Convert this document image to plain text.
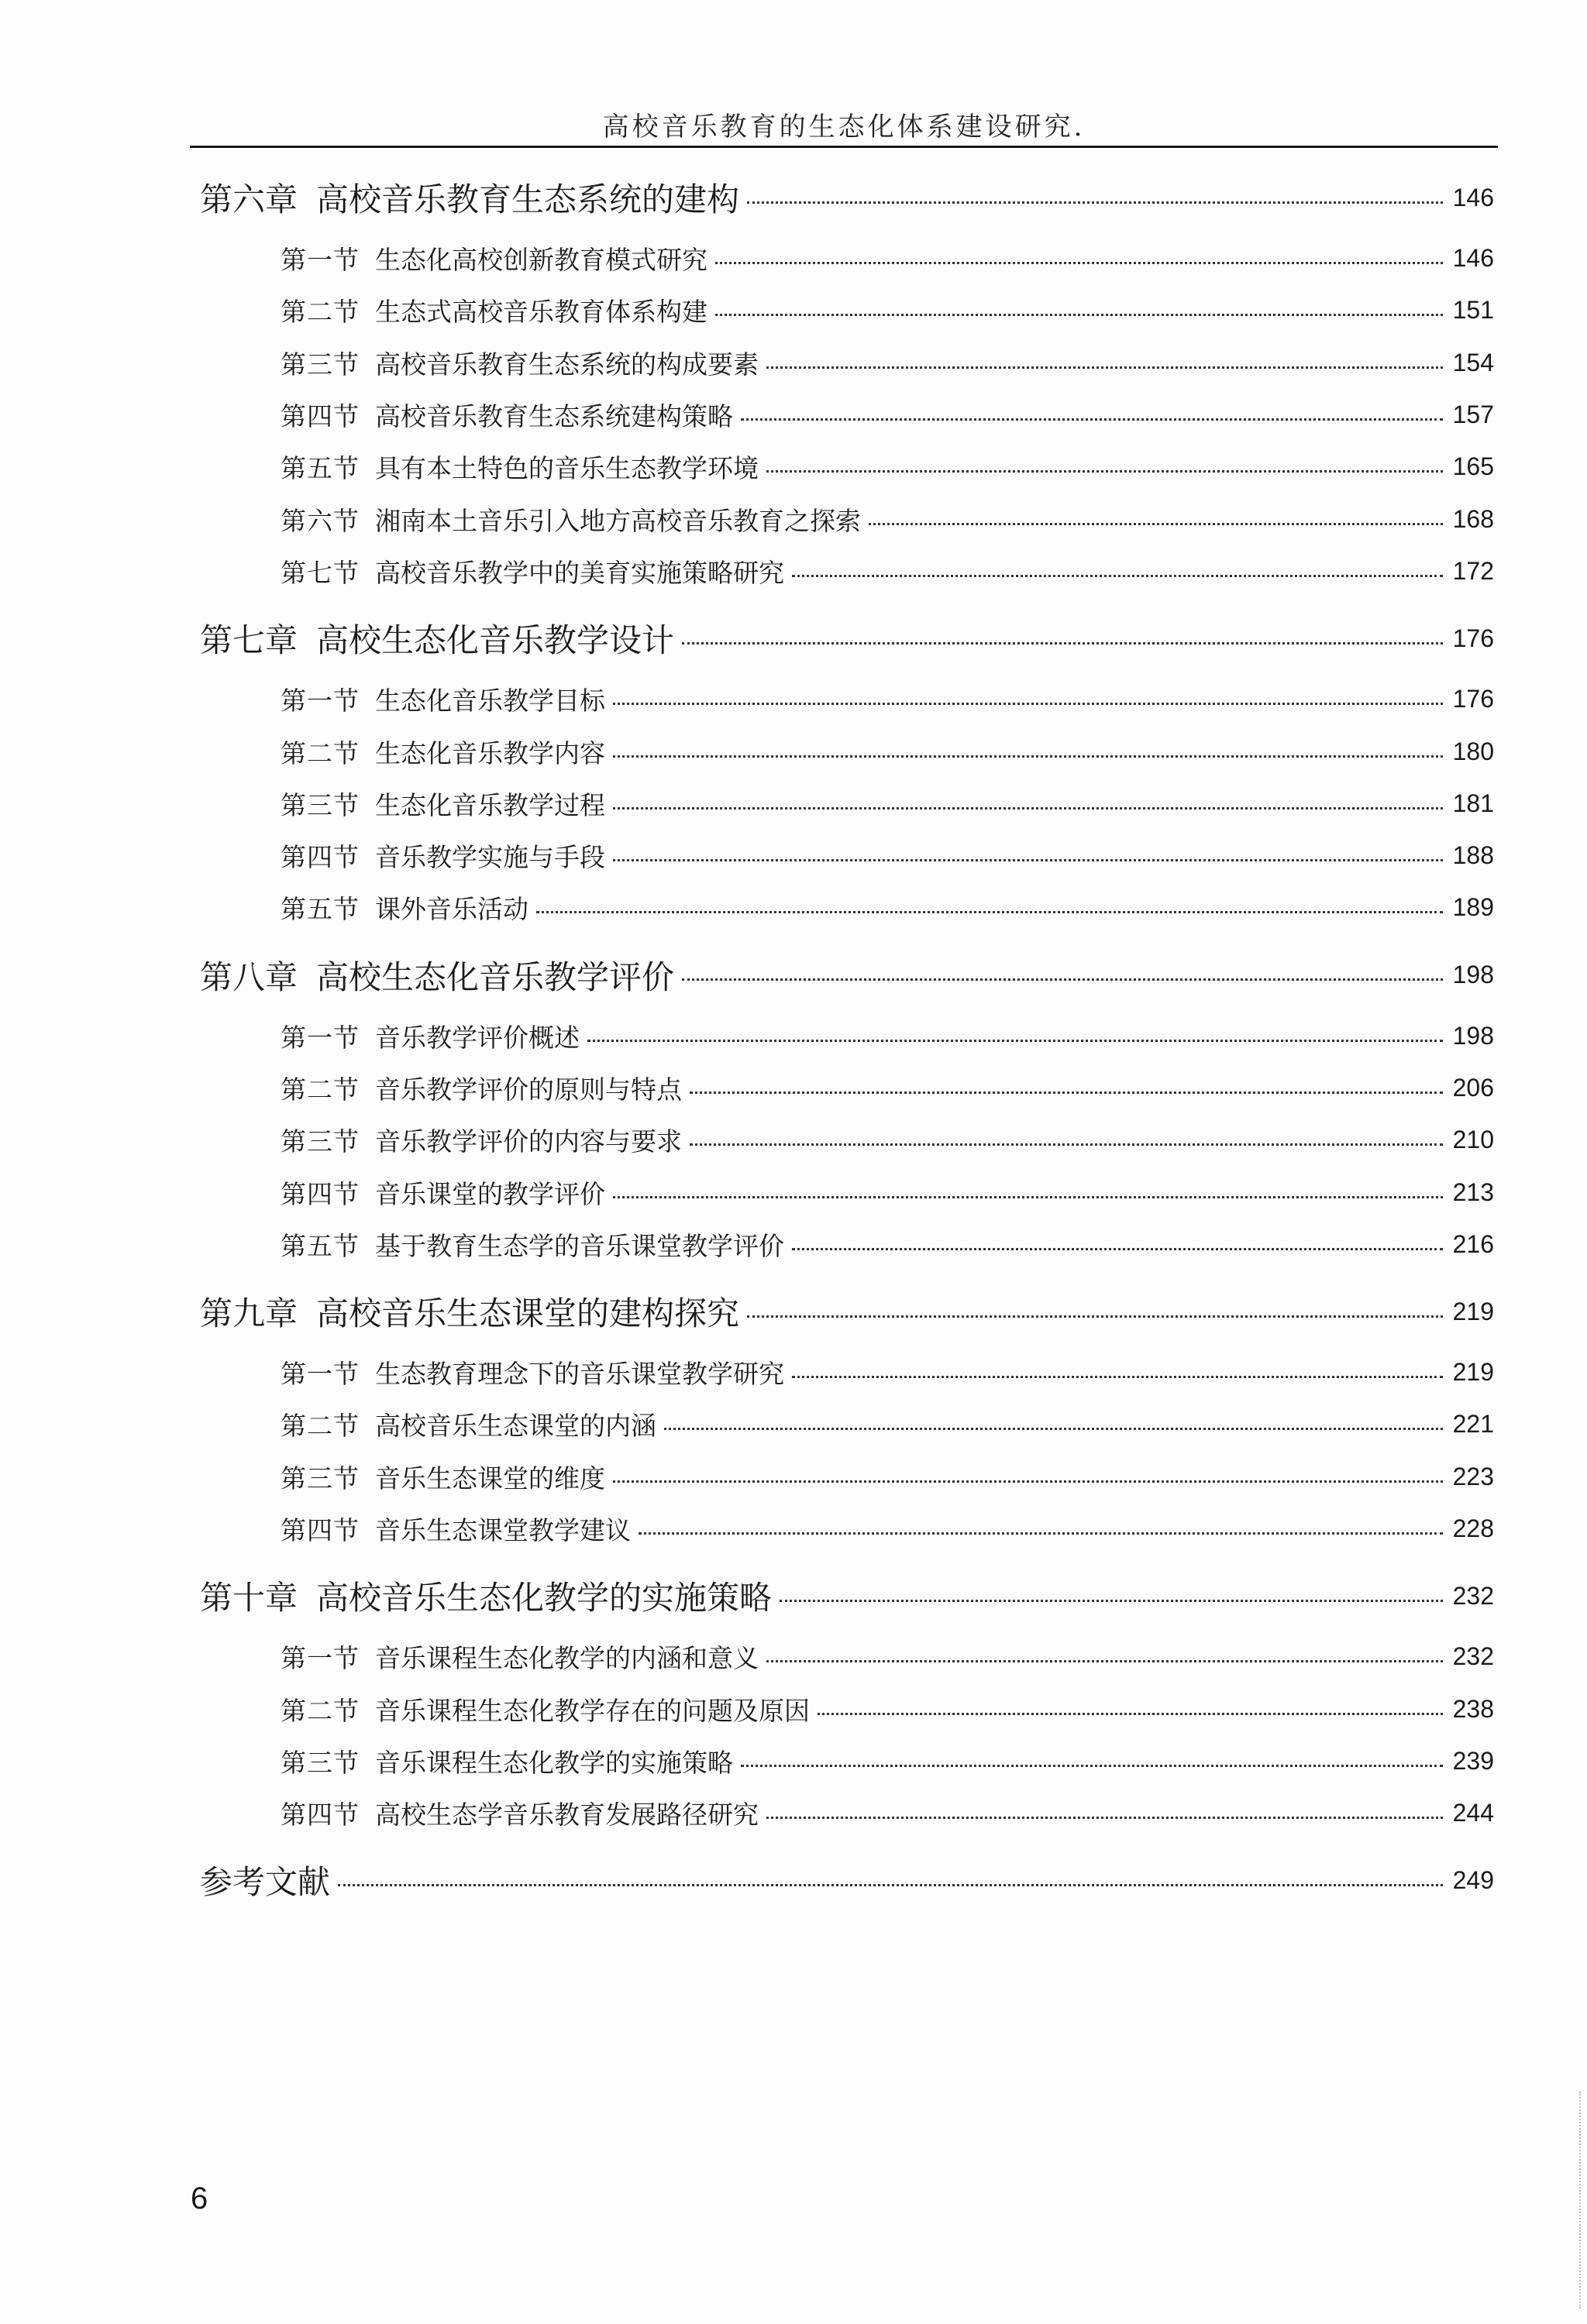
高校音乐教育的生态化体系建设研究.
第六章 高校音乐教育生态系统的建构	146
第一节 生态化高校创新教育模式研究	146
第二节 生态式高校音乐教育体系构建	151
第三节 高校音乐教育生态系统的构成要素	154
第四节 高校音乐教育生态系统建构策略	157
第五节 具有本土特色的音乐生态教学环境	165
第六节 湘南本土音乐引入地方高校音乐教育之探索	168
第七节 高校音乐教学中的美育实施策略研究	172
第七章 高校生态化音乐教学设计	176
第一节 生态化音乐教学目标	176
第二节 生态化音乐教学内容	180
第三节 生态化音乐教学过程	181
第四节 音乐教学实施与手段	188
第五节 课外音乐活动	189
第八章 高校生态化音乐教学评价	198
第一节 音乐教学评价概述	198
第二节 音乐教学评价的原则与特点	206
第三节 音乐教学评价的内容与要求	210
第四节 音乐课堂的教学评价	213
第五节 基于教育生态学的音乐课堂教学评价	216
第九章 高校音乐生态课堂的建构探究	219
第一节 生态教育理念下的音乐课堂教学研究	219
第二节 高校音乐生态课堂的内涵	221
第三节 音乐生态课堂的维度	223
第四节 音乐生态课堂教学建议	228
第十章 高校音乐生态化教学的实施策略	232
第一节 音乐课程生态化教学的内涵和意义	232
第二节 音乐课程生态化教学存在的问题及原因	238
第三节 音乐课程生态化教学的实施策略	239
第四节 高校生态学音乐教育发展路径研究	244
参考文献	249
6
